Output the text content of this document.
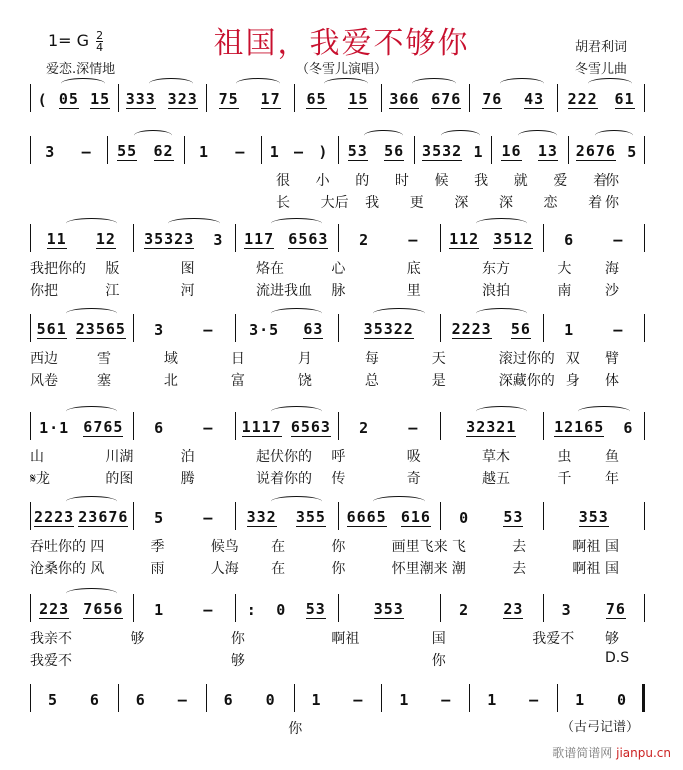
1= G $\frac{2}{4}$	祖国，我爱不够你
爱恋.深情地	（冬雪儿演唱）
胡君利词
冬雪儿曲
( 05 15 333 323 75 17 65 15 366 676 76 43 222 61
3 – 55 62 1 – 1 – ) 53 56 3532 1 16 13 2676 5
很 小 的 时 候 我 就 爱 着
你
长 大后 我 更 深 深 恋 着 你
11 12 35323 3 117 6563 2	– 112 3512 6	–
我把你的 版	图	烙在	心	底	东方	大 海
你把	江	河	流进我血 脉	里	浪拍	南 沙
561 23565 3	– 3·5 63	35322	2223 56 1	–
西边	雪	域	日	月	每	天	滚过你的 双 臂
风卷	塞	北	富	饶	总	是	深藏你的 身 体
1·1 6765 6	– 1117 6563 2	–	32321	12165 6
山	川湖	泊	起伏你的 呼	吸	草木	虫 鱼
𝄋龙	的图	腾	说着你的 传	奇	越五	千 年
2223 23676 5	– 332 355 6665 616 0 53	353
吞吐你的 四	季	候鸟 在	你	画里飞来 飞	去	啊祖 国
沧桑你的 风	雨	人海 在	你	怀里潮来 潮	去	啊祖 国
223 7656 1	– : 0 53	353	2 23	3 76
我亲不	够	你	啊祖	国	我爱不 够
我爱不	够	你	D.S
5 6 6 – 6 0 1 – 1 – 1 – 1 0
你	（古弓记谱）
歌谱简谱网 jianpu.cn
